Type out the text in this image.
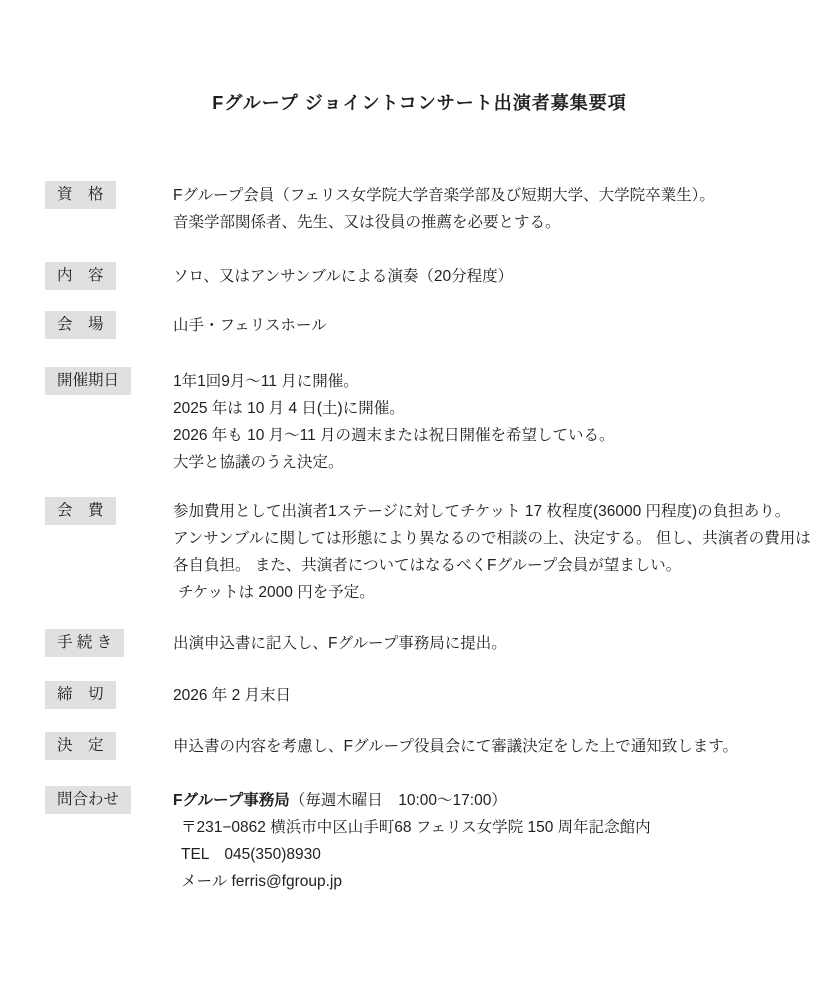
Fグループ ジョイントコンサート出演者募集要項
資　格	Fグループ会員（フェリス女学院大学音楽学部及び短期大学、大学院卒業生）。
音楽学部関係者、先生、又は役員の推薦を必要とする。
内　容	ソロ、又はアンサンブルによる演奏（20分程度）
会　場	山手・フェリスホール
開催期日	1年1回9月～11 月に開催。
2025 年は 10 月 4 日(土)に開催。
2026 年も 10 月～11 月の週末または祝日開催を希望している。
大学と協議のうえ決定。
会　費	参加費用として出演者1ステージに対してチケット 17 枚程度(36000 円程度)の負担あり。
アンサンブルに関しては形態により異なるので相談の上、決定する。 但し、共演者の費用は
各自負担。 また、共演者についてはなるべくFグループ会員が望ましい。
チケットは 2000 円を予定。
手 続 き	出演申込書に記入し、Fグループ事務局に提出。
締　切	2026 年 2 月末日
決　定	申込書の内容を考慮し、Fグループ役員会にて審議決定をした上で通知致します。
問合わせ	Fグループ事務局（毎週木曜日　10:00～17:00）
〒231−0862 横浜市中区山手町68 フェリス女学院 150 周年記念館内
TEL　045(350)8930
メール ferris@fgroup.jp
